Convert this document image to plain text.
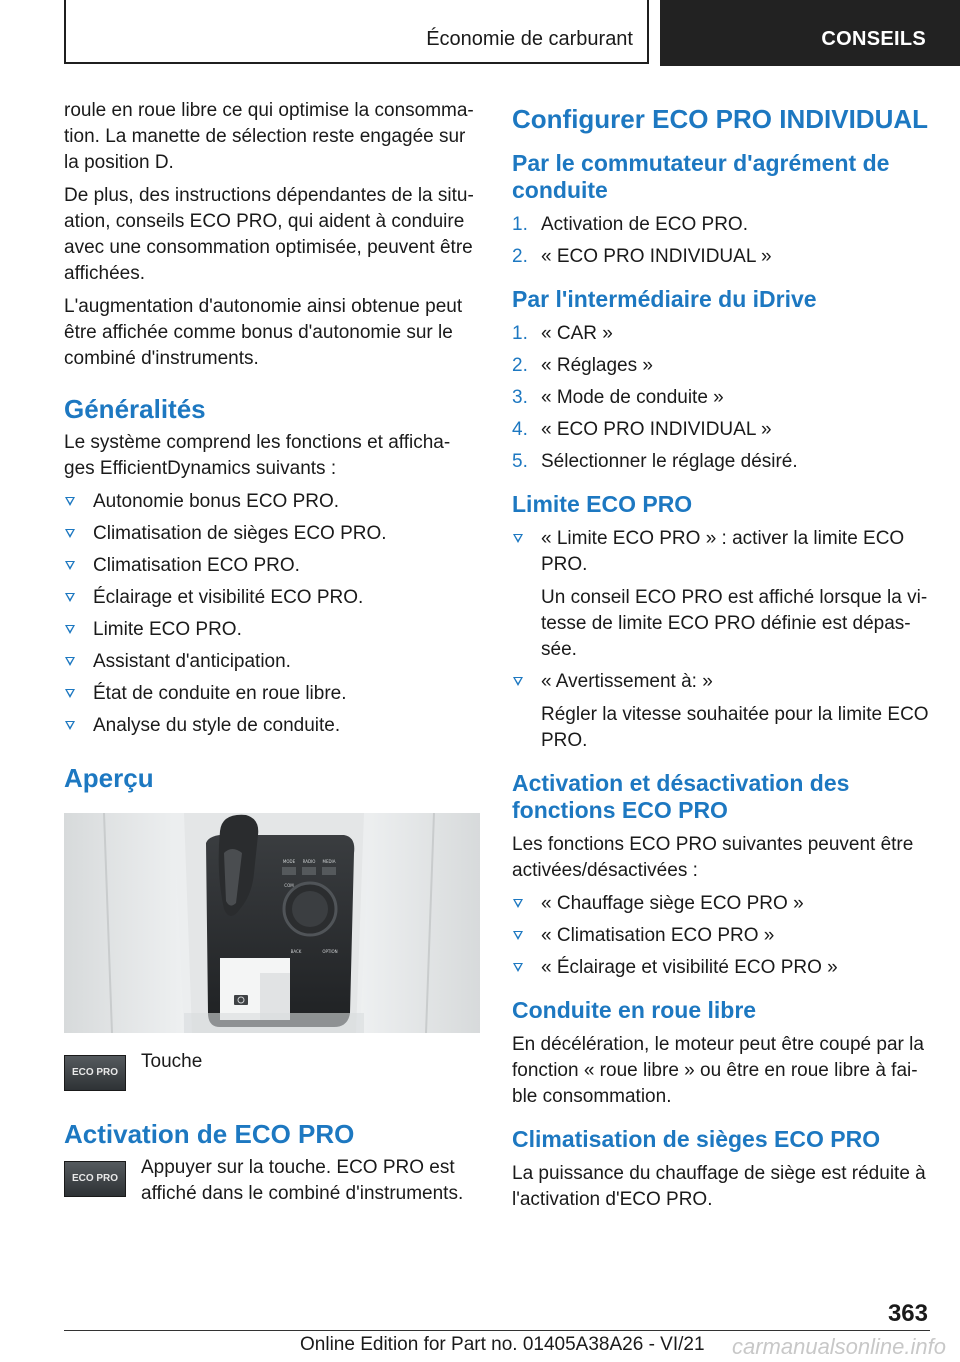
Économie de carburant	CONSEILS

roule en roue libre ce qui optimise la consomma-tion. La manette de sélection reste engagée sur la position D.

De plus, des instructions dépendantes de la situ-ation, conseils ECO PRO, qui aident à conduire avec une consommation optimisée, peuvent être affichées.

L'augmentation d'autonomie ainsi obtenue peut être affichée comme bonus d'autonomie sur le combiné d'instruments.

Généralités

Le système comprend les fonctions et afficha-ges EfficientDynamics suivants :

Autonomie bonus ECO PRO.
Climatisation de sièges ECO PRO.
Climatisation ECO PRO.
Éclairage et visibilité ECO PRO.
Limite ECO PRO.
Assistant d'anticipation.
État de conduite en roue libre.
Analyse du style de conduite.
Aperçu
MODE RADIO MEDIA
COM
BACK	OPTION
ECO PRO
Touche
Activation de ECO PRO
ECO PRO
Appuyer sur la touche. ECO PRO est affiché dans le combiné d'instruments.
Configurer ECO PRO INDIVIDUAL
Par le commutateur d'agrément de conduite
1. Activation de ECO PRO.
2. « ECO PRO INDIVIDUAL »
Par l'intermédiaire du iDrive
1. « CAR »
2. « Réglages »
3. « Mode de conduite »
4. « ECO PRO INDIVIDUAL »
5. Sélectionner le réglage désiré.
Limite ECO PRO
« Limite ECO PRO » : activer la limite ECO PRO.
Un conseil ECO PRO est affiché lorsque la vi-tesse de limite ECO PRO définie est dépas-sée.
« Avertissement à: »
Régler la vitesse souhaitée pour la limite ECO PRO.
Activation et désactivation des fonctions ECO PRO

Les fonctions ECO PRO suivantes peuvent être activées/désactivées :

« Chauffage siège ECO PRO »
« Climatisation ECO PRO »
« Éclairage et visibilité ECO PRO »
Conduite en roue libre

En décélération, le moteur peut être coupé par la fonction « roue libre » ou être en roue libre à fai-ble consommation.

Climatisation de sièges ECO PRO

La puissance du chauffage de siège est réduite à l'activation d'ECO PRO.

363
Online Edition for Part no. 01405A38A26 - VI/21 carmanualsonline.info
